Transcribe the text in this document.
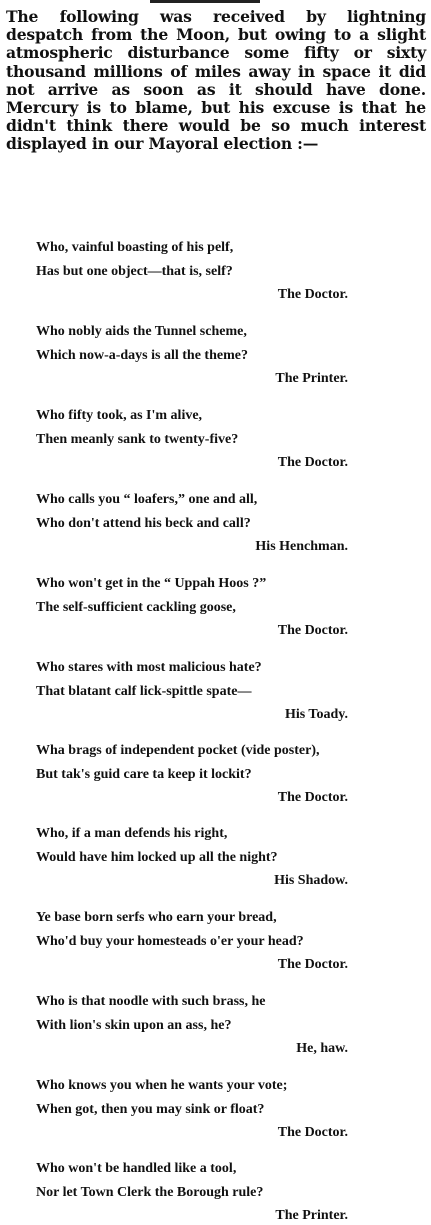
The following was received by lightning despatch from the Moon, but owing to a slight atmospheric disturbance some fifty or sixty thousand millions of miles away in space it did not arrive as soon as it should have done. Mercury is to blame, but his excuse is that he didn't think there would be so much interest displayed in our Mayoral election :—

Who, vainful boasting of his pelf,
Has but one object—that is, self?
The Doctor.
Who nobly aids the Tunnel scheme,
Which now-a-days is all the theme?
The Printer.
Who fifty took, as I'm alive,
Then meanly sank to twenty-five?
The Doctor.
Who calls you “ loafers,” one and all,
Who don't attend his beck and call?
His Henchman.
Who won't get in the “ Uppah Hoos ?”
The self-sufficient cackling goose,
The Doctor.
Who stares with most malicious hate?
That blatant calf lick-spittle spate—
His Toady.
Wha brags of independent pocket (vide poster),
But tak's guid care ta keep it lockit?
The Doctor.
Who, if a man defends his right,
Would have him locked up all the night?
His Shadow.
Ye base born serfs who earn your bread,
Who'd buy your homesteads o'er your head?
The Doctor.
Who is that noodle with such brass, he
With lion's skin upon an ass, he?
He, haw.
Who knows you when he wants your vote;
When got, then you may sink or float?
The Doctor.
Who won't be handled like a tool,
Nor let Town Clerk the Borough rule?
The Printer.
